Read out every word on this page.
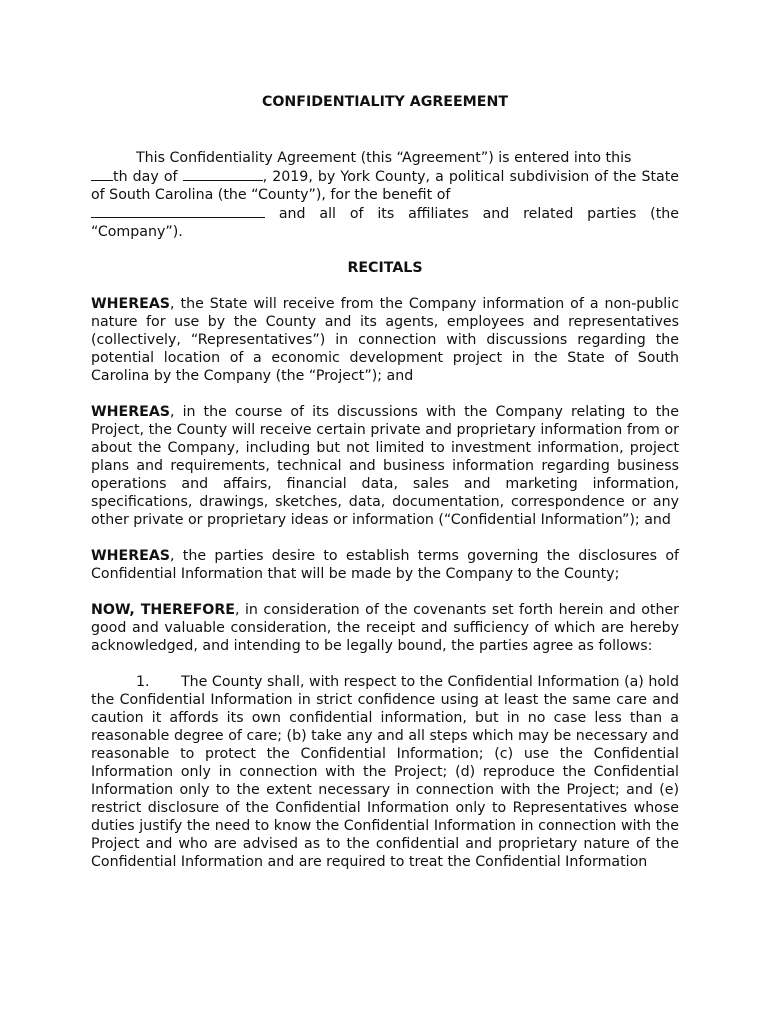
CONFIDENTIALITY AGREEMENT

This Confidentiality Agreement (this “Agreement”) is entered into this
th day of	, 2019, by York County, a political subdivision of the State of South Carolina (the “County”), for the benefit of
and all of its affiliates and related parties (the “Company”).

RECITALS

WHEREAS, the State will receive from the Company information of a non-public nature for use by the County and its agents, employees and representatives (collectively, “Representatives”) in connection with discussions regarding the potential location of a economic development project in the State of South Carolina by the Company (the “Project”); and

WHEREAS, in the course of its discussions with the Company relating to the Project, the County will receive certain private and proprietary information from or about the Company, including but not limited to investment information, project plans and requirements, technical and business information regarding business operations and affairs, financial data, sales and marketing information, specifications, drawings, sketches, data, documentation, correspondence or any other private or proprietary ideas or information (“Confidential Information”); and

WHEREAS, the parties desire to establish terms governing the disclosures of Confidential Information that will be made by the Company to the County;

NOW, THEREFORE, in consideration of the covenants set forth herein and other good and valuable consideration, the receipt and sufficiency of which are hereby acknowledged, and intending to be legally bound, the parties agree as follows:

1. The County shall, with respect to the Confidential Information (a) hold the Confidential Information in strict confidence using at least the same care and caution it affords its own confidential information, but in no case less than a reasonable degree of care; (b) take any and all steps which may be necessary and reasonable to protect the Confidential Information; (c) use the Confidential Information only in connection with the Project; (d) reproduce the Confidential Information only to the extent necessary in connection with the Project; and (e) restrict disclosure of the Confidential Information only to Representatives whose duties justify the need to know the Confidential Information in connection with the Project and who are advised as to the confidential and proprietary nature of the Confidential Information and are required to treat the Confidential Information
